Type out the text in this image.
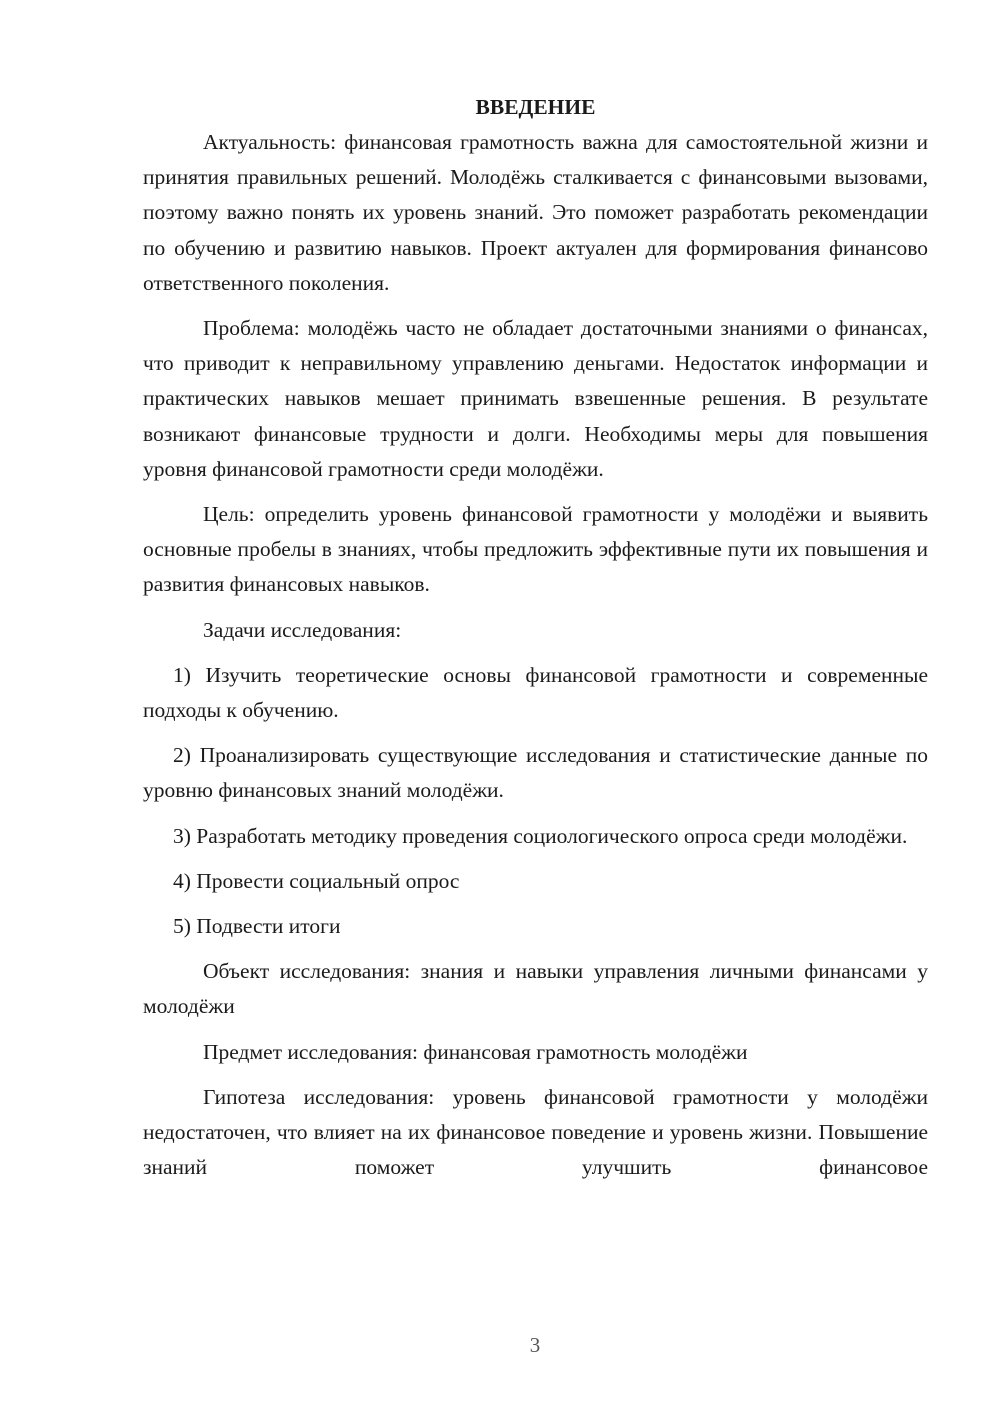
ВВЕДЕНИЕ

Актуальность: финансовая грамотность важна для самостоятельной жизни и принятия правильных решений. Молодёжь сталкивается с финансовыми вызовами, поэтому важно понять их уровень знаний. Это поможет разработать рекомендации по обучению и развитию навыков. Проект актуален для формирования финансово ответственного поколения.

Проблема: молодёжь часто не обладает достаточными знаниями о финансах, что приводит к неправильному управлению деньгами. Недостаток информации и практических навыков мешает принимать взвешенные решения. В результате возникают финансовые трудности и долги. Необходимы меры для повышения уровня финансовой грамотности среди молодёжи.

Цель: определить уровень финансовой грамотности у молодёжи и выявить основные пробелы в знаниях, чтобы предложить эффективные пути их повышения и развития финансовых навыков.

Задачи исследования:

1) Изучить теоретические основы финансовой грамотности и современные подходы к обучению.

2) Проанализировать существующие исследования и статистические данные по уровню финансовых знаний молодёжи.

3) Разработать методику проведения социологического опроса среди молодёжи.

4) Провести социальный опрос

5) Подвести итоги

Объект исследования: знания и навыки управления личными финансами у молодёжи

Предмет исследования: финансовая грамотность молодёжи

Гипотеза исследования: уровень финансовой грамотности у молодёжи недостаточен, что влияет на их финансовое поведение и уровень жизни. Повышение знаний поможет улучшить финансовое

3
